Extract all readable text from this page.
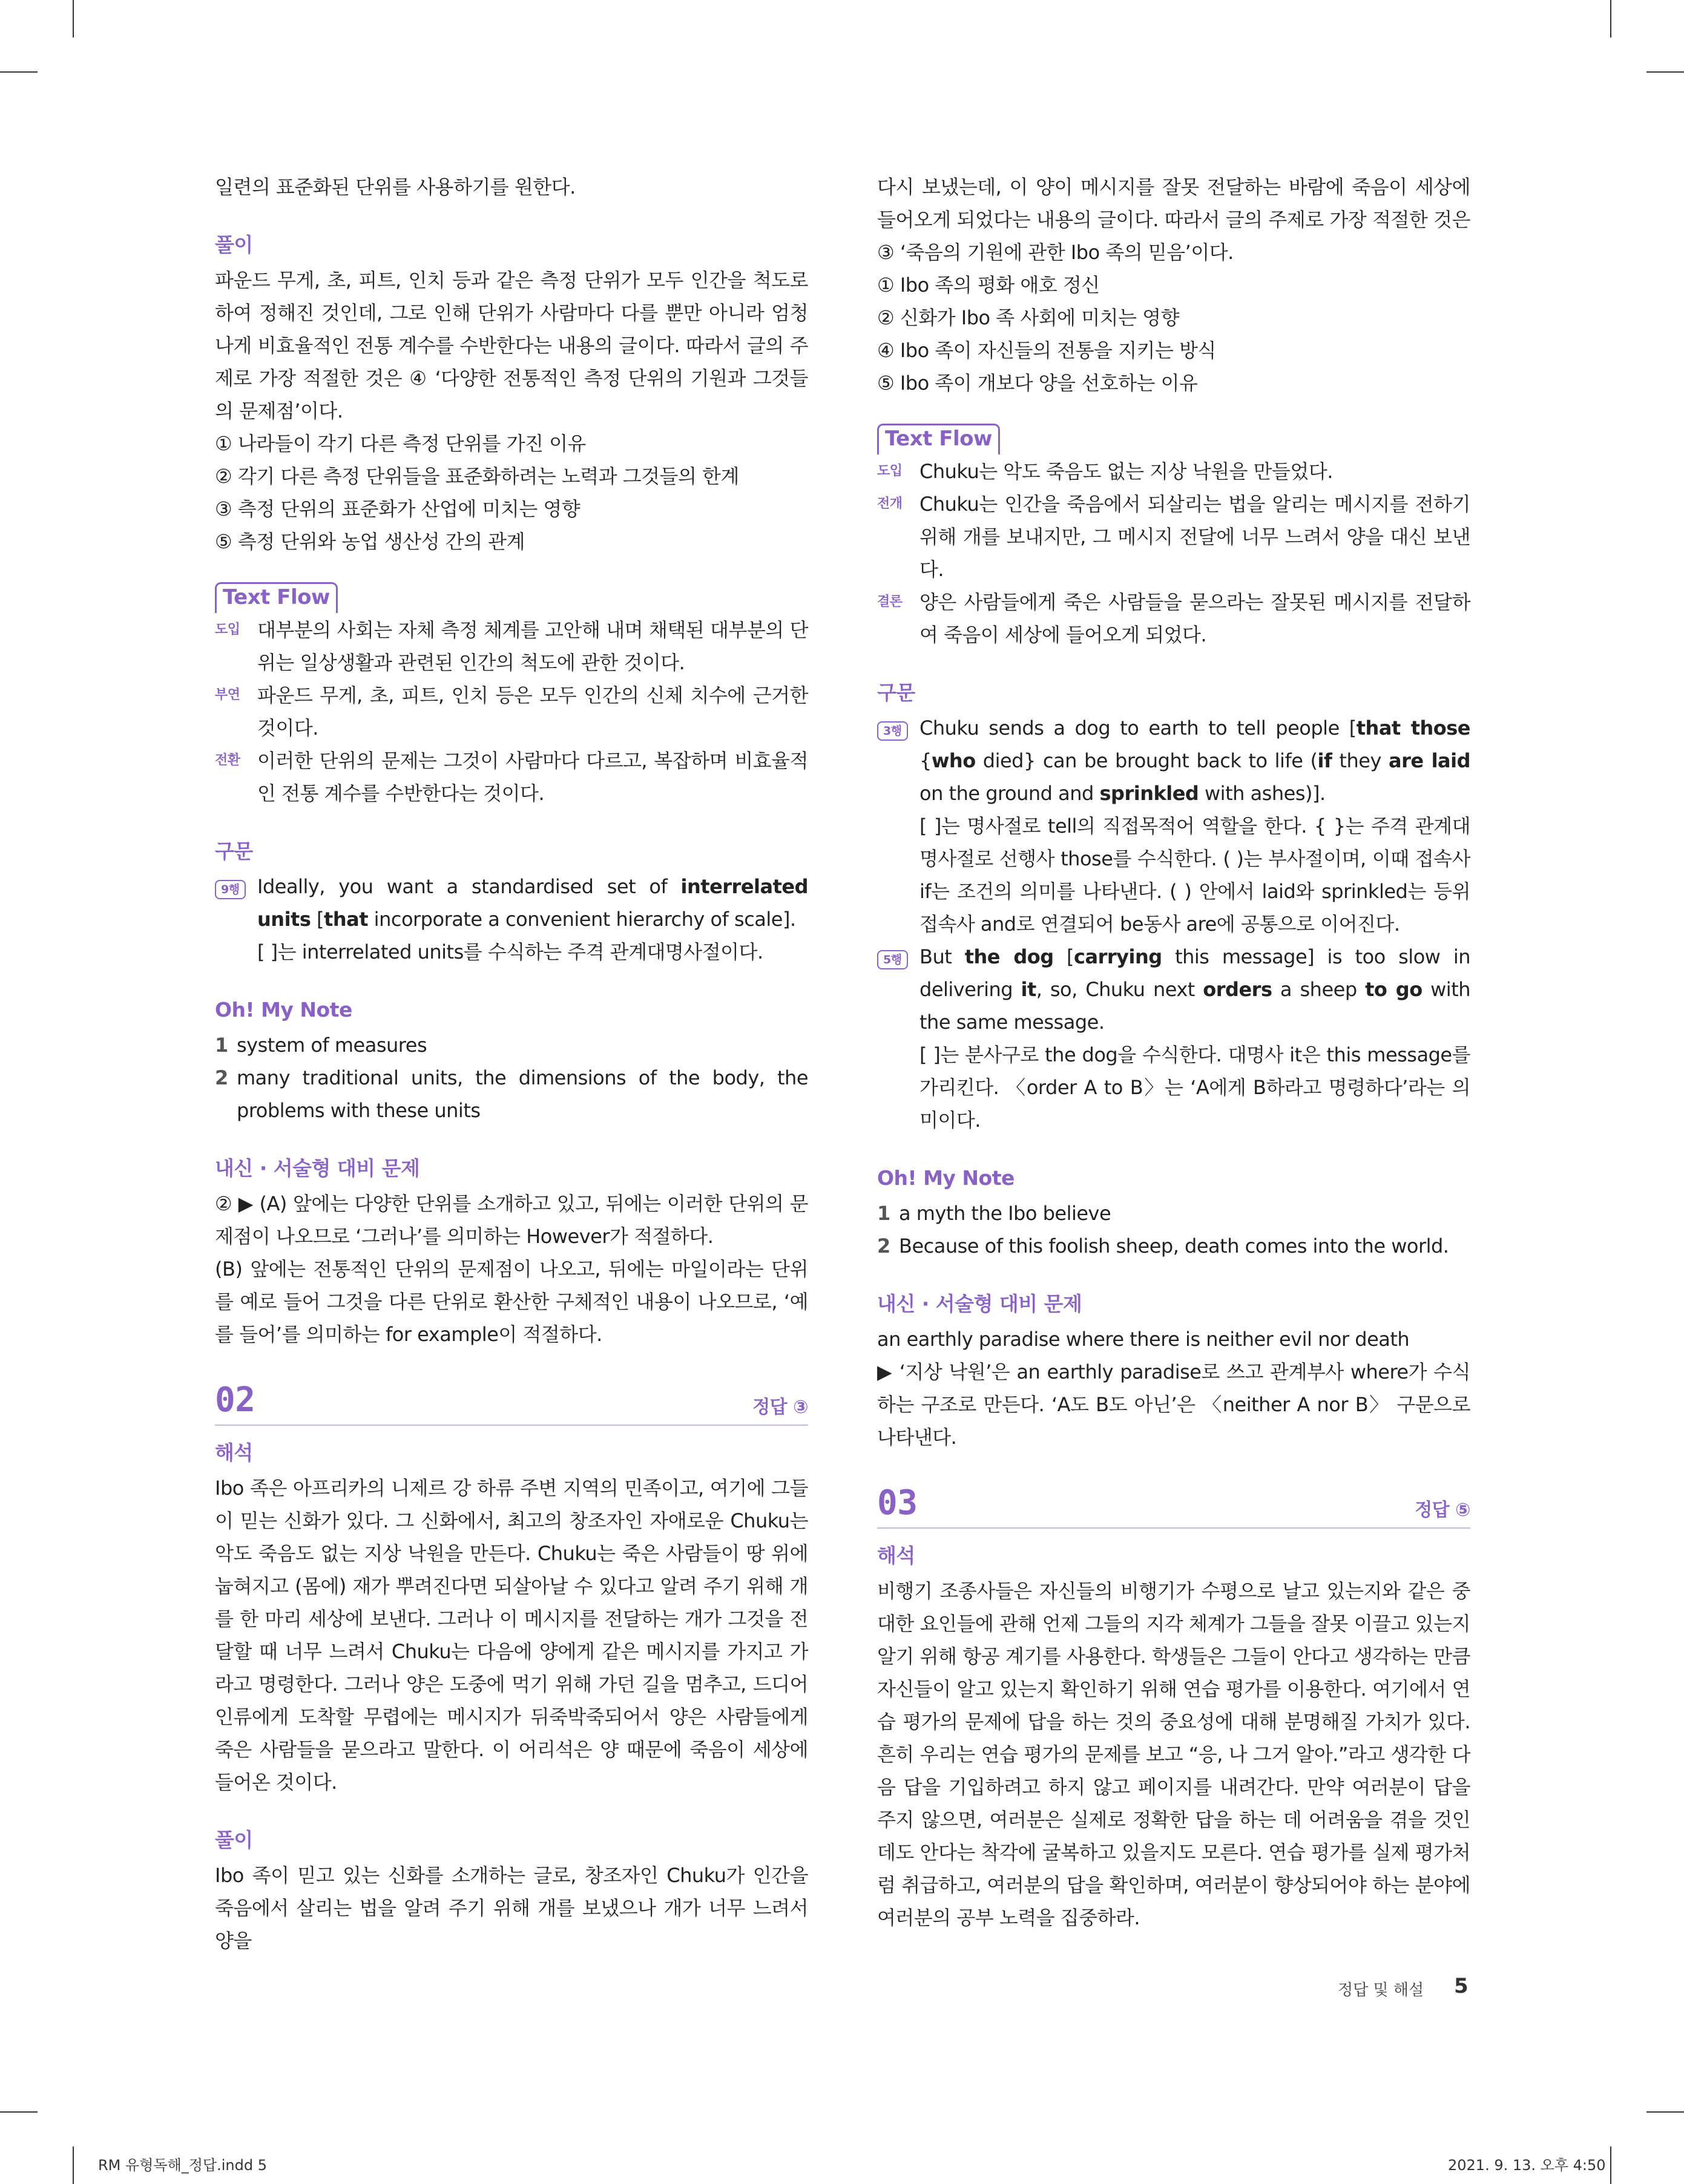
일련의 표준화된 단위를 사용하기를 원한다.

풀이

파운드 무게, 초, 피트, 인치 등과 같은 측정 단위가 모두 인간을 척도로 하여 정해진 것인데, 그로 인해 단위가 사람마다 다를 뿐만 아니라 엄청나게 비효율적인 전통 계수를 수반한다는 내용의 글이다. 따라서 글의 주제로 가장 적절한 것은 ④ ‘다양한 전통적인 측정 단위의 기원과 그것들의 문제점’이다.

① 나라들이 각기 다른 측정 단위를 가진 이유

② 각기 다른 측정 단위들을 표준화하려는 노력과 그것들의 한계

③ 측정 단위의 표준화가 산업에 미치는 영향

⑤ 측정 단위와 농업 생산성 간의 관계

Text Flow
도입 대부분의 사회는 자체 측정 체계를 고안해 내며 채택된 대부분의 단위는 일상생활과 관련된 인간의 척도에 관한 것이다.
부연 파운드 무게, 초, 피트, 인치 등은 모두 인간의 신체 치수에 근거한 것이다.
전환 이러한 단위의 문제는 그것이 사람마다 다르고, 복잡하며 비효율적인 전통 계수를 수반한다는 것이다.
구문
9행 Ideally, you want a standardised set of interrelated units [that incorporate a convenient hierarchy of scale].

[ ]는 interrelated units를 수식하는 주격 관계대명사절이다.

Oh! My Note
1 system of measures
2 many traditional units, the dimensions of the body, the problems with these units
내신 · 서술형 대비 문제

② ▶ (A) 앞에는 다양한 단위를 소개하고 있고, 뒤에는 이러한 단위의 문제점이 나오므로 ‘그러나’를 의미하는 However가 적절하다.

(B) 앞에는 전통적인 단위의 문제점이 나오고, 뒤에는 마일이라는 단위를 예로 들어 그것을 다른 단위로 환산한 구체적인 내용이 나오므로, ‘예를 들어’를 의미하는 for example이 적절하다.

02	정답 ③
해석

Ibo 족은 아프리카의 니제르 강 하류 주변 지역의 민족이고, 여기에 그들이 믿는 신화가 있다. 그 신화에서, 최고의 창조자인 자애로운 Chuku는 악도 죽음도 없는 지상 낙원을 만든다. Chuku는 죽은 사람들이 땅 위에 눕혀지고 (몸에) 재가 뿌려진다면 되살아날 수 있다고 알려 주기 위해 개를 한 마리 세상에 보낸다. 그러나 이 메시지를 전달하는 개가 그것을 전달할 때 너무 느려서 Chuku는 다음에 양에게 같은 메시지를 가지고 가라고 명령한다. 그러나 양은 도중에 먹기 위해 가던 길을 멈추고, 드디어 인류에게 도착할 무렵에는 메시지가 뒤죽박죽되어서 양은 사람들에게 죽은 사람들을 묻으라고 말한다. 이 어리석은 양 때문에 죽음이 세상에 들어온 것이다.

풀이

Ibo 족이 믿고 있는 신화를 소개하는 글로, 창조자인 Chuku가 인간을 죽음에서 살리는 법을 알려 주기 위해 개를 보냈으나 개가 너무 느려서 양을

다시 보냈는데, 이 양이 메시지를 잘못 전달하는 바람에 죽음이 세상에 들어오게 되었다는 내용의 글이다. 따라서 글의 주제로 가장 적절한 것은 ③ ‘죽음의 기원에 관한 Ibo 족의 믿음’이다.

① Ibo 족의 평화 애호 정신

② 신화가 Ibo 족 사회에 미치는 영향

④ Ibo 족이 자신들의 전통을 지키는 방식

⑤ Ibo 족이 개보다 양을 선호하는 이유

Text Flow
도입 Chuku는 악도 죽음도 없는 지상 낙원을 만들었다.
전개 Chuku는 인간을 죽음에서 되살리는 법을 알리는 메시지를 전하기 위해 개를 보내지만, 그 메시지 전달에 너무 느려서 양을 대신 보낸다.
결론 양은 사람들에게 죽은 사람들을 묻으라는 잘못된 메시지를 전달하여 죽음이 세상에 들어오게 되었다.
구문
3행 Chuku sends a dog to earth to tell people [that those {who died} can be brought back to life (if they are laid on the ground and sprinkled with ashes)].

[ ]는 명사절로 tell의 직접목적어 역할을 한다. { }는 주격 관계대명사절로 선행사 those를 수식한다. ( )는 부사절이며, 이때 접속사 if는 조건의 의미를 나타낸다. ( ) 안에서 laid와 sprinkled는 등위접속사 and로 연결되어 be동사 are에 공통으로 이어진다.

5행 But the dog [carrying this message] is too slow in delivering it, so, Chuku next orders a sheep to go with the same message.

[ ]는 분사구로 the dog을 수식한다. 대명사 it은 this message를 가리킨다. 〈order A to B〉는 ‘A에게 B하라고 명령하다’라는 의미이다.

Oh! My Note
1 a myth the Ibo believe
2 Because of this foolish sheep, death comes into the world.
내신 · 서술형 대비 문제

an earthly paradise where there is neither evil nor death

▶ ‘지상 낙원’은 an earthly paradise로 쓰고 관계부사 where가 수식하는 구조로 만든다. ‘A도 B도 아닌’은 〈neither A nor B〉 구문으로 나타낸다.

03	정답 ⑤
해석

비행기 조종사들은 자신들의 비행기가 수평으로 날고 있는지와 같은 중대한 요인들에 관해 언제 그들의 지각 체계가 그들을 잘못 이끌고 있는지 알기 위해 항공 계기를 사용한다. 학생들은 그들이 안다고 생각하는 만큼 자신들이 알고 있는지 확인하기 위해 연습 평가를 이용한다. 여기에서 연습 평가의 문제에 답을 하는 것의 중요성에 대해 분명해질 가치가 있다. 흔히 우리는 연습 평가의 문제를 보고 “응, 나 그거 알아.”라고 생각한 다음 답을 기입하려고 하지 않고 페이지를 내려간다. 만약 여러분이 답을 주지 않으면, 여러분은 실제로 정확한 답을 하는 데 어려움을 겪을 것인데도 안다는 착각에 굴복하고 있을지도 모른다. 연습 평가를 실제 평가처럼 취급하고, 여러분의 답을 확인하며, 여러분이 향상되어야 하는 분야에 여러분의 공부 노력을 집중하라.

정답 및 해설 5
RM 유형독해_정답.indd 5	2021. 9. 13. 오후 4:50
